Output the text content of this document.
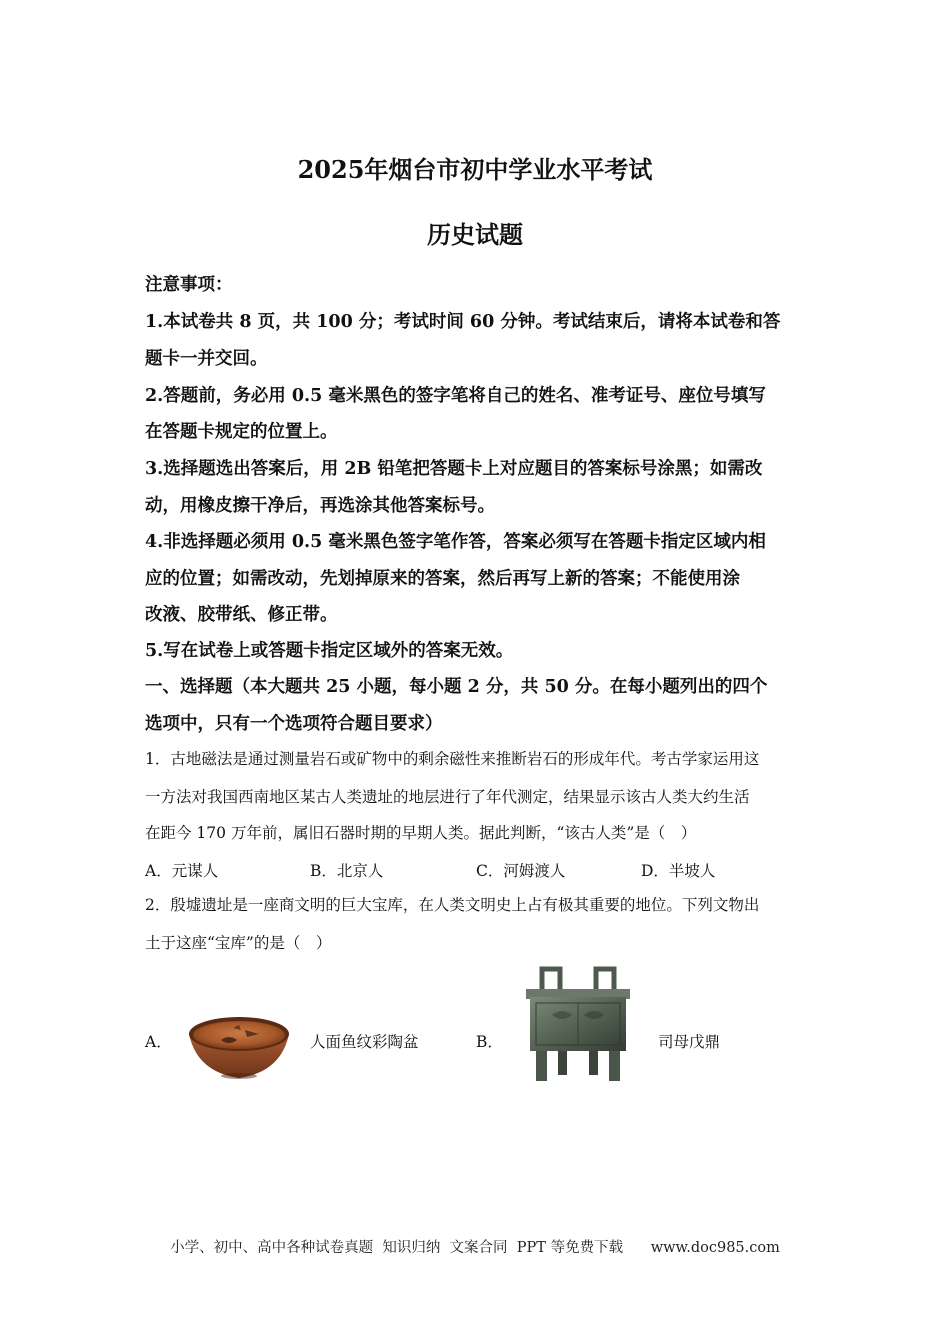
2025年烟台市初中学业水平考试
历史试题
注意事项：
1.本试卷共 8 页，共 100 分；考试时间 60 分钟。考试结束后，请将本试卷和答
题卡一并交回。
2.答题前，务必用 0.5 毫米黑色的签字笔将自己的姓名、准考证号、座位号填写
在答题卡规定的位置上。
3.选择题选出答案后，用 2B 铅笔把答题卡上对应题目的答案标号涂黑；如需改
动，用橡皮擦干净后，再选涂其他答案标号。
4.非选择题必须用 0.5 毫米黑色签字笔作答，答案必须写在答题卡指定区域内相
应的位置；如需改动，先划掉原来的答案，然后再写上新的答案；不能使用涂
改液、胶带纸、修正带。
5.写在试卷上或答题卡指定区域外的答案无效。
一、选择题（本大题共 25 小题，每小题 2 分，共 50 分。在每小题列出的四个
选项中，只有一个选项符合题目要求）
1．古地磁法是通过测量岩石或矿物中的剩余磁性来推断岩石的形成年代。考古学家运用这
一方法对我国西南地区某古人类遗址的地层进行了年代测定，结果显示该古人类大约生活
在距今 170 万年前，属旧石器时期的早期人类。据此判断，“该古人类”是（　）
A．元谋人	B．北京人	C．河姆渡人	D．半坡人
2．殷墟遗址是一座商文明的巨大宝库，在人类文明史上占有极其重要的地位。下列文物出
土于这座“宝库”的是（　）
A．	人面鱼纹彩陶盆	B．	司母戊鼎
小学、初中、高中各种试卷真题  知识归纳  文案合同  PPT 等免费下载      www.doc985.com
